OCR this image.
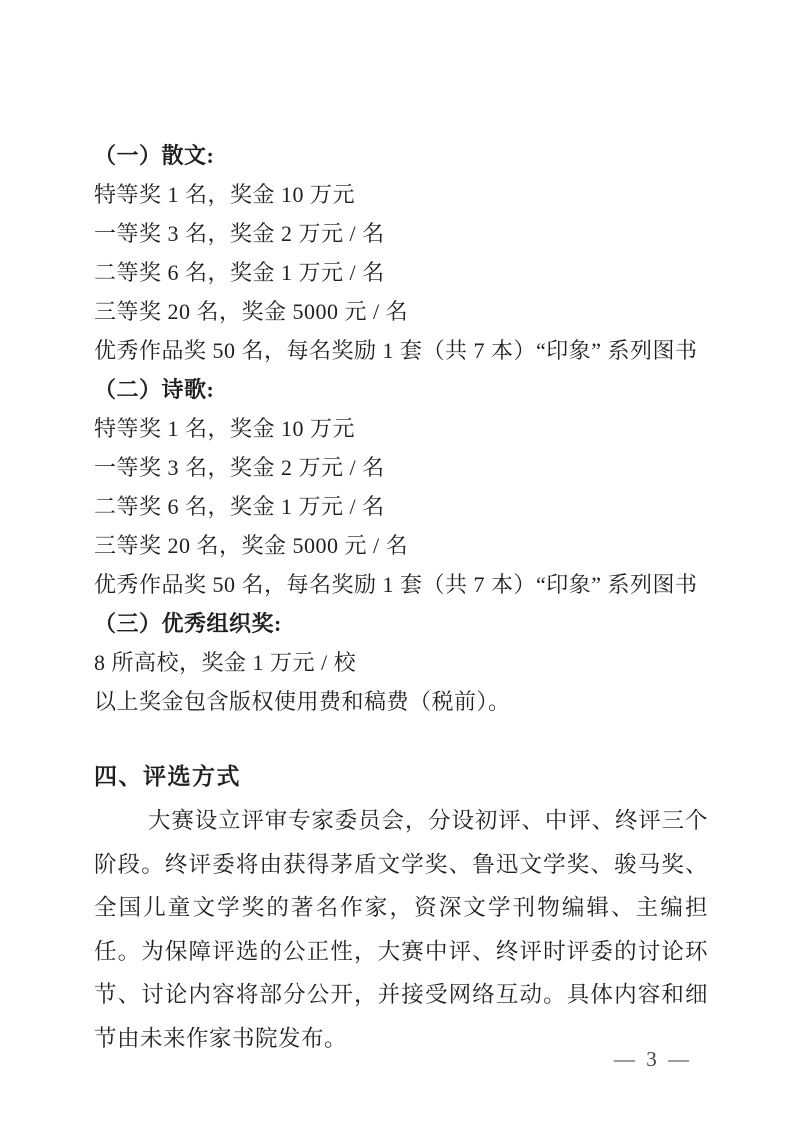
（一）散文:

特等奖 1 名，奖金 10 万元

一等奖 3 名，奖金 2 万元 / 名

二等奖 6 名，奖金 1 万元 / 名

三等奖 20 名，奖金 5000 元 / 名

优秀作品奖 50 名，每名奖励 1 套（共 7 本）“印象” 系列图书

（二）诗歌:

特等奖 1 名，奖金 10 万元

一等奖 3 名，奖金 2 万元 / 名

二等奖 6 名，奖金 1 万元 / 名

三等奖 20 名，奖金 5000 元 / 名

优秀作品奖 50 名，每名奖励 1 套（共 7 本）“印象” 系列图书

（三）优秀组织奖:

8 所高校，奖金 1 万元 / 校

以上奖金包含版权使用费和稿费（税前）。

四、评选方式

大赛设立评审专家委员会，分设初评、中评、终评三个阶段。终评委将由获得茅盾文学奖、鲁迅文学奖、骏马奖、全国儿童文学奖的著名作家，资深文学刊物编辑、主编担任。为保障评选的公正性，大赛中评、终评时评委的讨论环节、讨论内容将部分公开，并接受网络互动。具体内容和细节由未来作家书院发布。

— 3 —
